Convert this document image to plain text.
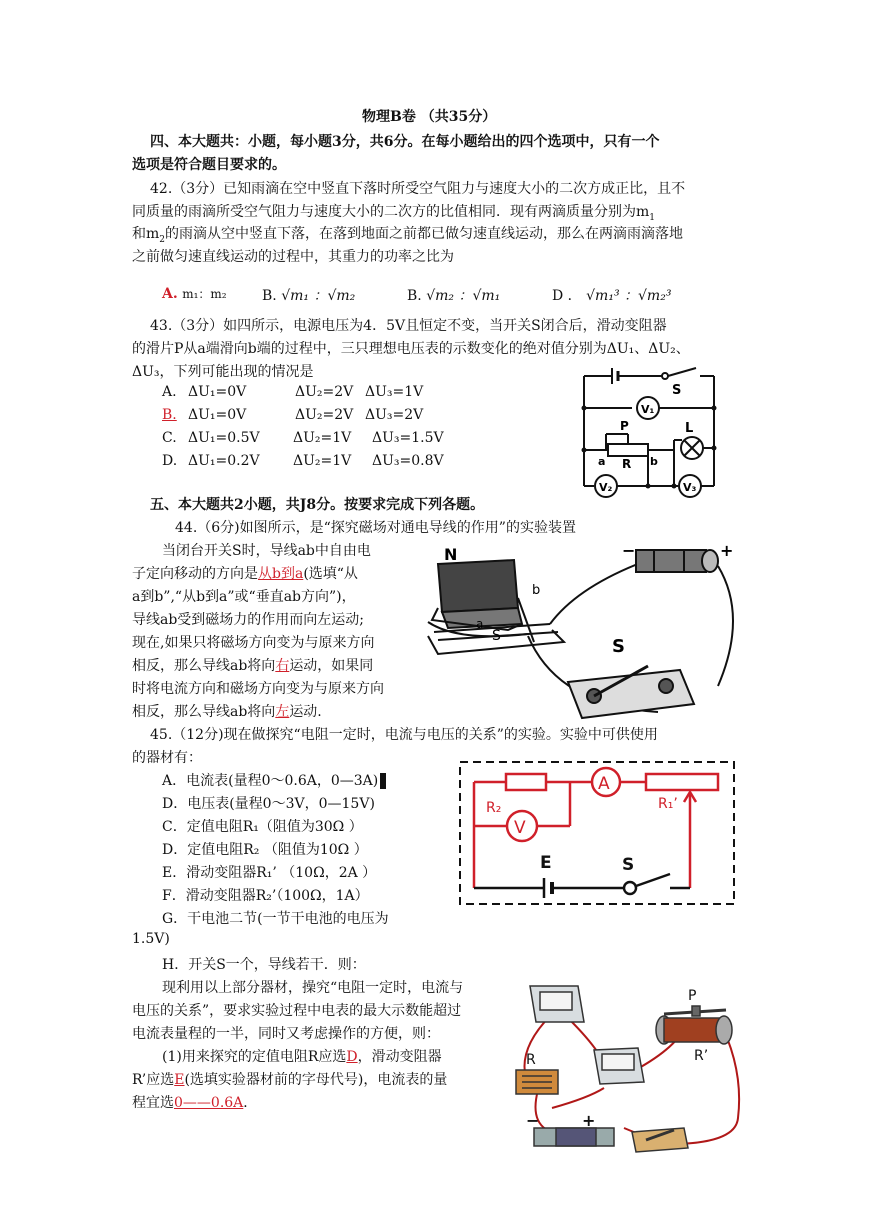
物理B卷 （共35分）
四、本大题共：小题，每小题3分，共6分。在每小题给出的四个选项中，只有一个
选项是符合题目要求的。
42.（3分）已知雨滴在空中竖直下落时所受空气阻力与速度大小的二次方成正比，且不
同质量的雨滴所受空气阻力与速度大小的二次方的比值相同．现有两滴质量分别为$m_1$
和$m_2$的雨滴从空中竖直下落，在落到地面之前都已做匀速直线运动，那么在两滴雨滴落地
之前做匀速直线运动的过程中，其重力的功率之比为
A. m₁：m₂	B. √m₁ ：√m₂	B. √m₂ ：√m₁	D ． √m₁³ ：√m₂³
43.（3分）如四所示，电源电压为4．5V且恒定不变，当开关S闭合后，滑动变阻器
的滑片P从a端滑向b端的过程中，三只理想电压表的示数变化的绝对值分别为ΔU₁、ΔU₂、
ΔU₃，下列可能出现的情况是
A. ΔU₁=0V	ΔU₂=2V ΔU₃=1V
B. ΔU₁=0V	ΔU₂=2V ΔU₃=2V
C. ΔU₁=0.5V ΔU₂=1V ΔU₃=1.5V
D. ΔU₁=0.2V ΔU₂=1V ΔU₃=0.8V
S
V₁
L
P
a R b
V₂	V₃
五、本大题共2小题，共J8分。按要求完成下列各题。
44.（6分)如图所示，是“探究磁场对通电导线的作用”的实验装置
当闭台开关S时，导线ab中自由电
子定向移动的方向是从b到a(选填“从
a到b”,“从b到a”或“垂直ab方向”)，
导线ab受到磁场力的作用而向左运动;
现在,如果只将磁场方向变为与原来方向
相反，那么导线ab将向右运动，如果同
时将电流方向和磁场方向变为与原来方向
相反，那么导线ab将向左运动.
N
b
a
S	S
−	+
45.（12分)现在做探究“电阻一定时，电流与电压的关系”的实验。实验中可供使用
的器材有：
A．电流表(量程0～0.6A，0—3A)
D．电压表(量程0～3V，0—15V)
C．定值电阻R₁（阻值为30Ω ）
D．定值电阻R₂ （阻值为10Ω ）
E．滑动变阻器R₁’ （10Ω，2A ）
F．滑动变阻器R₂’（100Ω，1A）
G．干电池二节(一节干电池的电压为
1.5V)
H．开关S一个，导线若干．则：
现利用以上部分器材，操究“电阻一定时，电流与
电压的关系”，要求实验过程中电表的最大示数能超过
电流表量程的一半，同时又考虑操作的方便，则：
(1)用来探究的定值电阻R应选D，滑动变阻器
R’应选E(选填实验器材前的字母代号)，电流表的量
程宜选0——0.6A．
R₂
A
R₁’
V
E	S
P
R’
R
−	+
